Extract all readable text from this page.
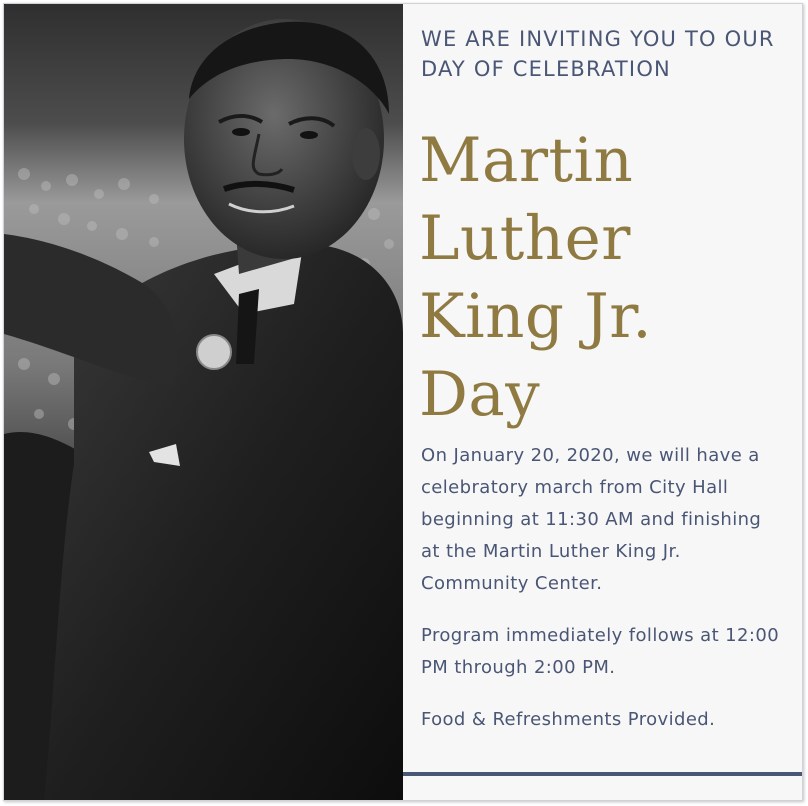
WE ARE INVITING YOU TO OUR DAY OF CELEBRATION

Martin Luther King Jr. Day

On January 20, 2020, we will have a celebratory march from City Hall beginning at 11:30 AM and finishing at the Martin Luther King Jr. Community Center.

Program immediately follows at 12:00 PM through 2:00 PM.

Food & Refreshments Provided.
